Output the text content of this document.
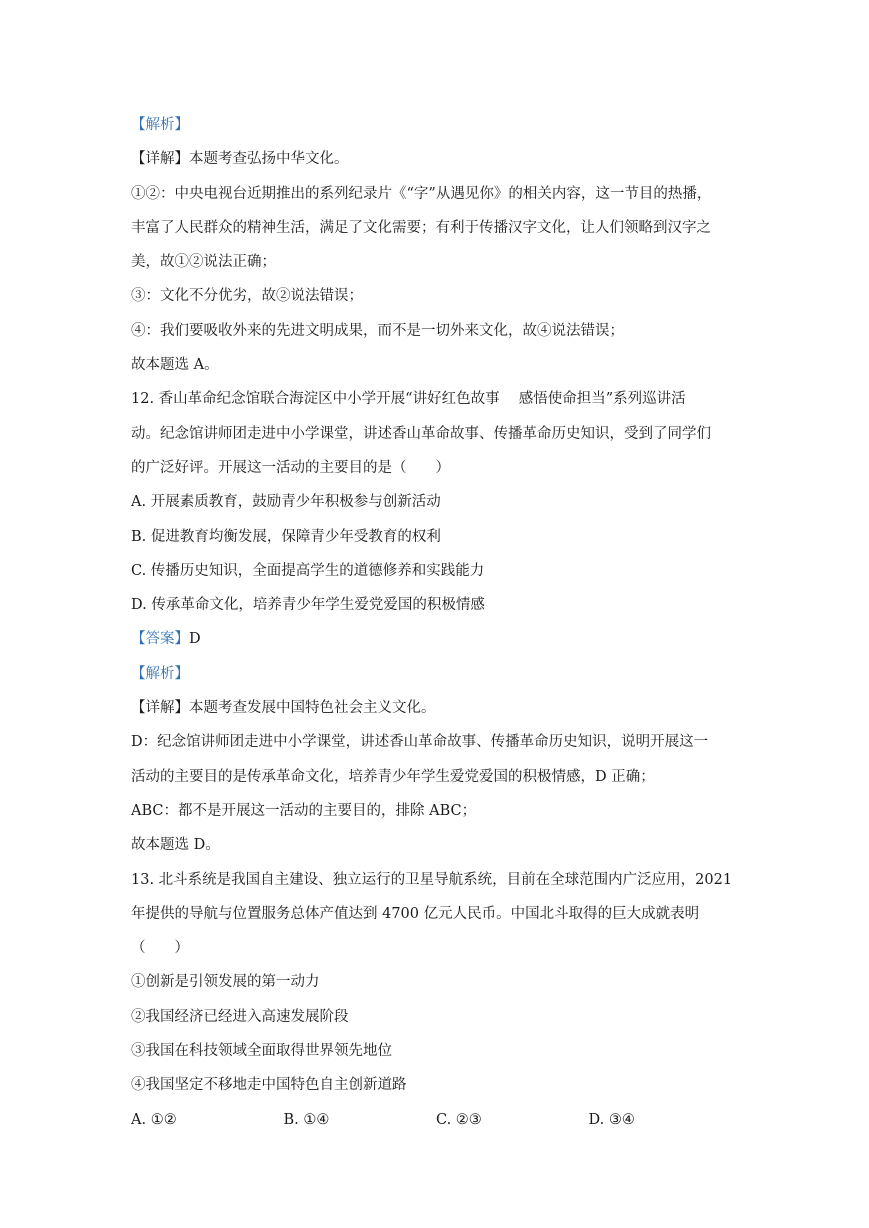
【解析】
【详解】本题考查弘扬中华文化。
①②：中央电视台近期推出的系列纪录片《“字”从遇见你》的相关内容，这一节目的热播，
丰富了人民群众的精神生活，满足了文化需要；有利于传播汉字文化，让人们领略到汉字之
美，故①②说法正确；
③：文化不分优劣，故②说法错误；
④：我们要吸收外来的先进文明成果，而不是一切外来文化，故④说法错误；
故本题选 A。
12. 香山革命纪念馆联合海淀区中小学开展“讲好红色故事　 感悟使命担当”系列巡讲活
动。纪念馆讲师团走进中小学课堂，讲述香山革命故事、传播革命历史知识，受到了同学们
的广泛好评。开展这一活动的主要目的是（　　）
A. 开展素质教育，鼓励青少年积极参与创新活动
B. 促进教育均衡发展，保障青少年受教育的权利
C. 传播历史知识，全面提高学生的道德修养和实践能力
D. 传承革命文化，培养青少年学生爱党爱国的积极情感
【答案】D
【解析】
【详解】本题考查发展中国特色社会主义文化。
D：纪念馆讲师团走进中小学课堂，讲述香山革命故事、传播革命历史知识，说明开展这一
活动的主要目的是传承革命文化，培养青少年学生爱党爱国的积极情感，D 正确；
ABC：都不是开展这一活动的主要目的，排除 ABC；
故本题选 D。
13. 北斗系统是我国自主建设、独立运行的卫星导航系统，目前在全球范围内广泛应用，2021
年提供的导航与位置服务总体产值达到 4700 亿元人民币。中国北斗取得的巨大成就表明
（　　）
①创新是引领发展的第一动力
②我国经济已经进入高速发展阶段
③我国在科技领域全面取得世界领先地位
④我国坚定不移地走中国特色自主创新道路
A. ①②	B. ①④	C. ②③	D. ③④
